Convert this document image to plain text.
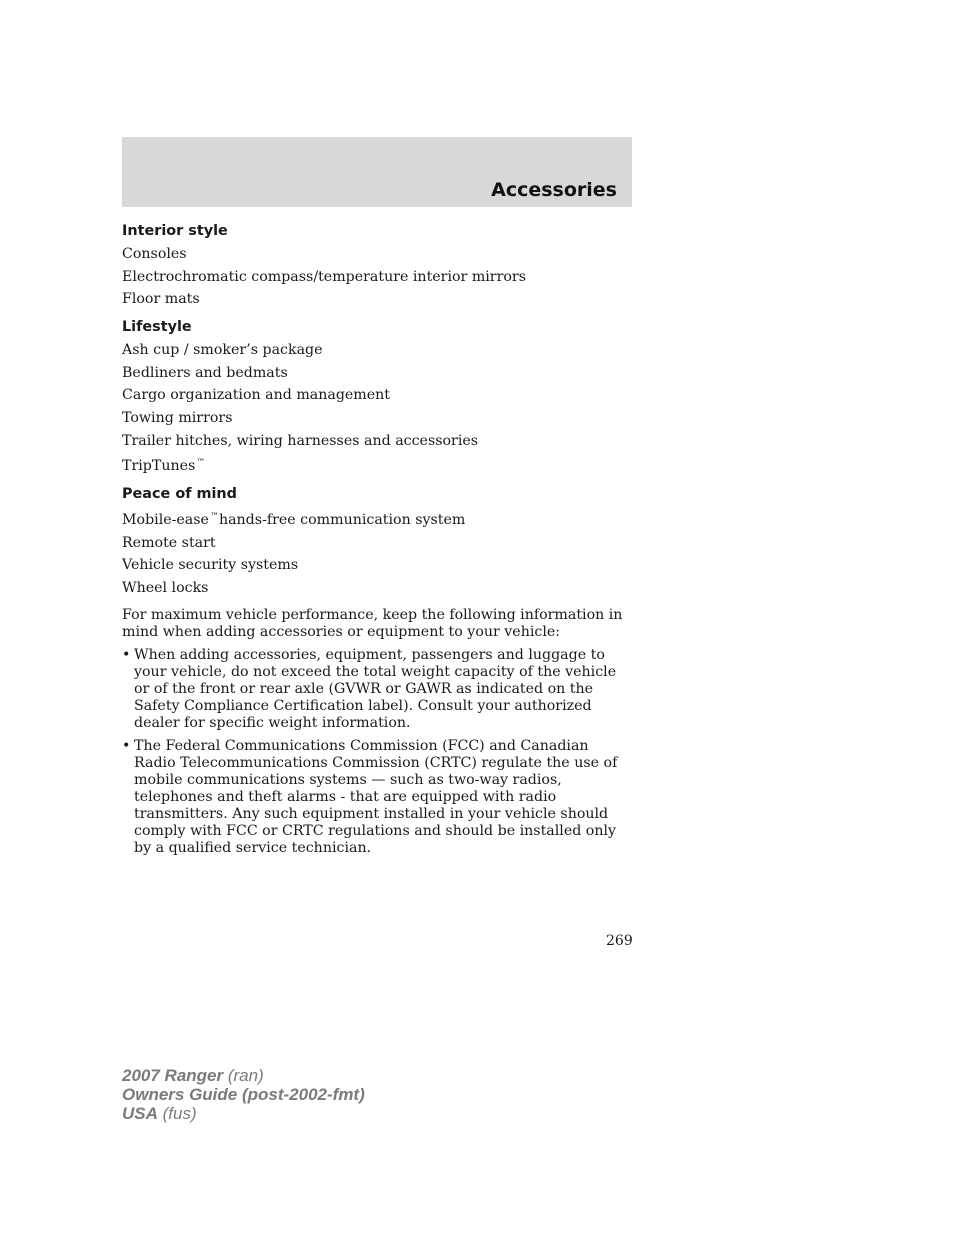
Accessories
Interior style
Consoles
Electrochromatic compass/temperature interior mirrors
Floor mats
Lifestyle
Ash cup / smoker’s package
Bedliners and bedmats
Cargo organization and management
Towing mirrors
Trailer hitches, wiring harnesses and accessories
TripTunes™
Peace of mind
Mobile-ease™hands-free communication system
Remote start
Vehicle security systems
Wheel locks
For maximum vehicle performance, keep the following information in mind when adding accessories or equipment to your vehicle:
• When adding accessories, equipment, passengers and luggage to your vehicle, do not exceed the total weight capacity of the vehicle or of the front or rear axle (GVWR or GAWR as indicated on the Safety Compliance Certification label). Consult your authorized dealer for specific weight information.
• The Federal Communications Commission (FCC) and Canadian Radio Telecommunications Commission (CRTC) regulate the use of mobile communications systems — such as two-way radios, telephones and theft alarms - that are equipped with radio transmitters. Any such equipment installed in your vehicle should comply with FCC or CRTC regulations and should be installed only by a qualified service technician.
269
2007 Ranger (ran)
Owners Guide (post-2002-fmt)
USA (fus)
